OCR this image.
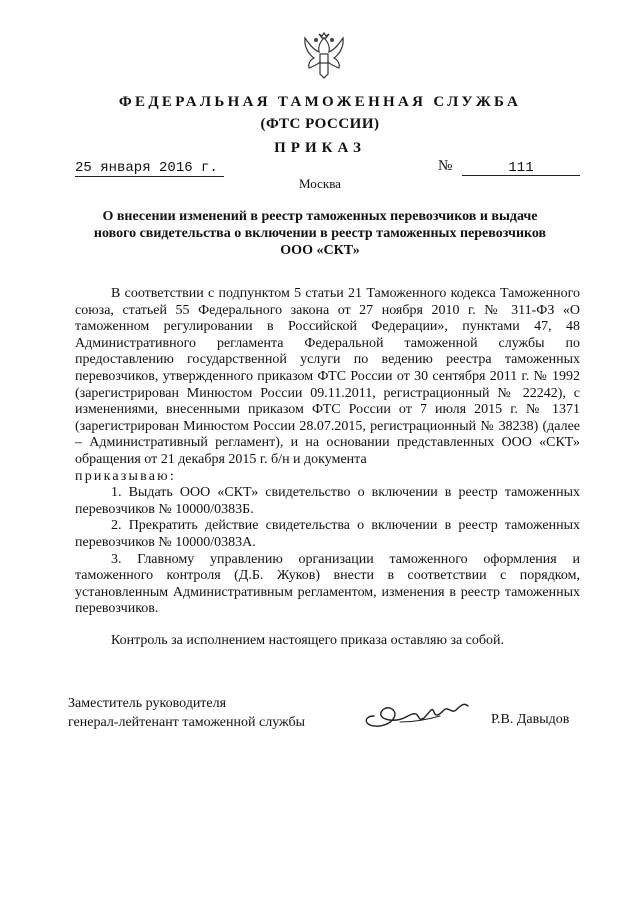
ФЕДЕРАЛЬНАЯ ТАМОЖЕННАЯ СЛУЖБА
(ФТС РОССИИ)
ПРИКАЗ
25 января 2016 г.	№	111
Москва
О внесении изменений в реестр таможенных перевозчиков и выдаче нового свидетельства о включении в реестр таможенных перевозчиков ООО «СКТ»

В соответствии с подпунктом 5 статьи 21 Таможенного кодекса Таможенного союза, статьей 55 Федерального закона от 27 ноября 2010 г. № 311-ФЗ «О таможенном регулировании в Российской Федерации», пунктами 47, 48 Административного регламента Федеральной таможенной службы по предоставлению государственной услуги по ведению реестра таможенных перевозчиков, утвержденного приказом ФТС России от 30 сентября 2011 г. № 1992 (зарегистрирован Минюстом России 09.11.2011, регистрационный № 22242), с изменениями, внесенными приказом ФТС России от 7 июля 2015 г. № 1371 (зарегистрирован Минюстом России 28.07.2015, регистрационный № 38238) (далее – Административный регламент), и на основании представленных ООО «СКТ» обращения от 21 декабря 2015 г. б/н и документа

приказываю:

1. Выдать ООО «СКТ» свидетельство о включении в реестр таможенных перевозчиков № 10000/0383Б.

2. Прекратить действие свидетельства о включении в реестр таможенных перевозчиков № 10000/0383А.

3. Главному управлению организации таможенного оформления и таможенного контроля (Д.Б. Жуков) внести в соответствии с порядком, установленным Административным регламентом, изменения в реестр таможенных перевозчиков.

Контроль за исполнением настоящего приказа оставляю за собой.
Заместитель руководителя
генерал-лейтенант таможенной службы	Р.В. Давыдов
